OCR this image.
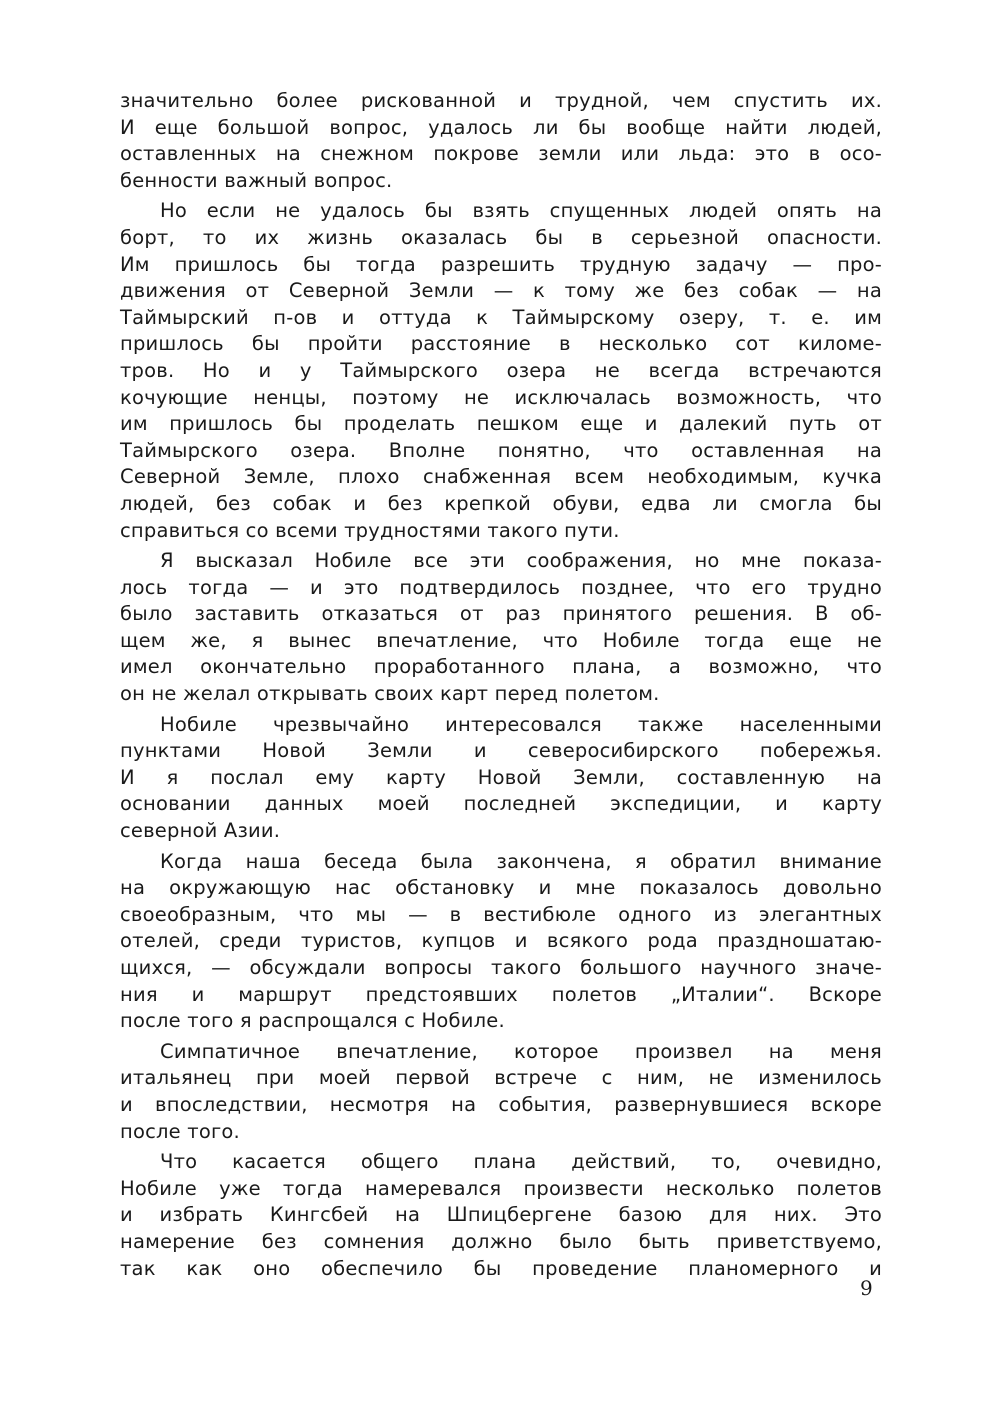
значительно более рискованной и трудной, чем спустить их.
И еще большой вопрос, удалось ли бы вообще найти людей,
оставленных на снежном покрове земли или льда: это в осо-
бенности важный вопрос.
Но если не удалось бы взять спущенных людей опять на
борт, то их жизнь оказалась бы в серьезной опасности.
Им пришлось бы тогда разрешить трудную задачу — про-
движения от Северной Земли — к тому же без собак — на
Таймырский п-ов и оттуда к Таймырскому озеру, т. е. им
пришлось бы пройти расстояние в несколько сот киломе-
тров. Но и у Таймырского озера не всегда встречаются
кочующие ненцы, поэтому не исключалась возможность, что
им пришлось бы проделать пешком еще и далекий путь от
Таймырского озера. Вполне понятно, что оставленная на
Северной Земле, плохо снабженная всем необходимым, кучка
людей, без собак и без крепкой обуви, едва ли смогла бы
справиться со всеми трудностями такого пути.
Я высказал Нобиле все эти соображения, но мне показа-
лось тогда — и это подтвердилось позднее, что его трудно
было заставить отказаться от раз принятого решения. В об-
щем же, я вынес впечатление, что Нобиле тогда еще не
имел окончательно проработанного плана, а возможно, что
он не желал открывать своих карт перед полетом.
Нобиле чрезвычайно интересовался также населенными
пунктами Новой Земли и северосибирского побережья.
И я послал ему карту Новой Земли, составленную на
основании данных моей последней экспедиции, и карту
северной Азии.
Когда наша беседа была закончена, я обратил внимание
на окружающую нас обстановку и мне показалось довольно
своеобразным, что мы — в вестибюле одного из элегантных
отелей, среди туристов, купцов и всякого рода праздношатаю-
щихся, — обсуждали вопросы такого большого научного значе-
ния и маршрут предстоявших полетов „Италии“. Вскоре
после того я распрощался с Нобиле.
Симпатичное впечатление, которое произвел на меня
итальянец при моей первой встрече с ним, не изменилось
и впоследствии, несмотря на события, развернувшиеся вскоре
после того.
Что касается общего плана действий, то, очевидно,
Нобиле уже тогда намеревался произвести несколько полетов
и избрать Кингсбей на Шпицбергене базою для них. Это
намерение без сомнения должно было быть приветствуемо,
так как оно обеспечило бы проведение планомерного и
9
